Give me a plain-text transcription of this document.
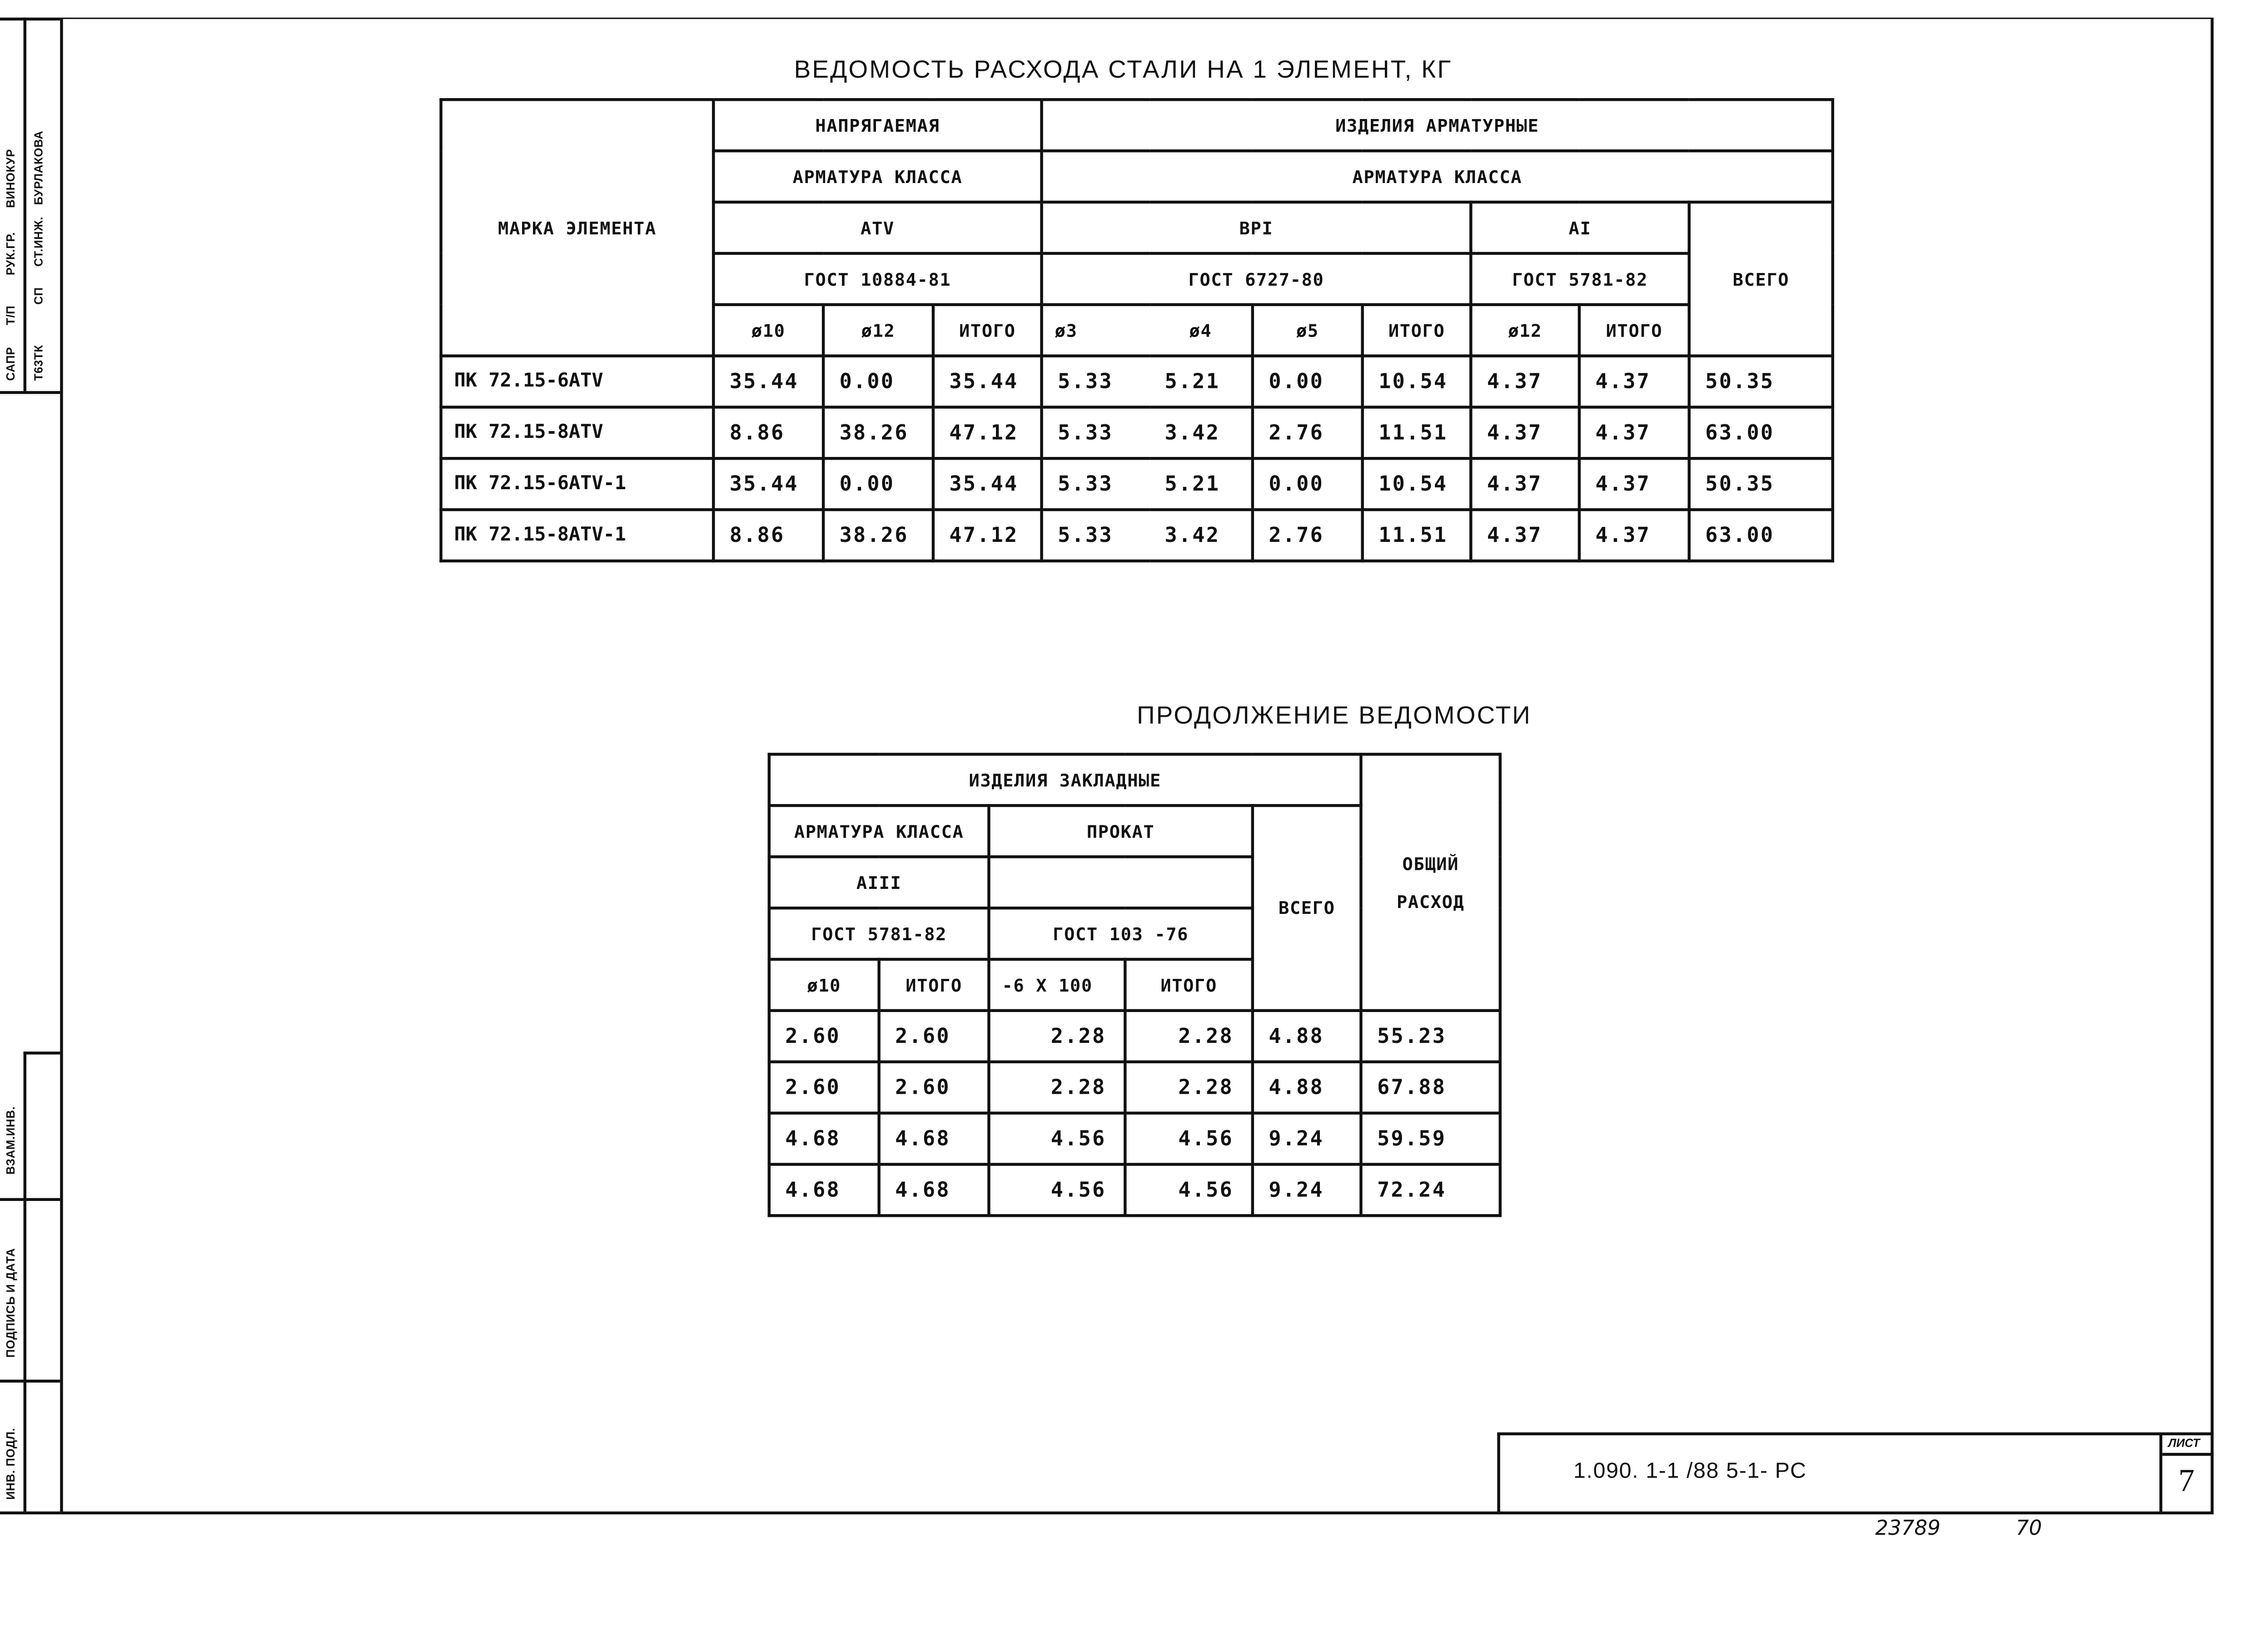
САПР
Т/П
РУК.ГР.
ВИНОКУР
Т63ТК
СП
СТ.ИНЖ.
БУРЛАКОВА
ВЗАМ.ИНВ.
ПОДПИСЬ И ДАТА
ИНВ. ПОДЛ.
ВЕДОМОСТЬ РАСХОДА СТАЛИ НА 1 ЭЛЕМЕНТ, КГ
МАРКА ЭЛЕМЕНТА	НАПРЯГАЕМАЯ			ИЗДЕЛИЯ АРМАТУРНЫЕ						
	АРМАТУРА КЛАССА			АРМАТУРА КЛАССА						
	АТV			ВРI				АI		ВСЕГО
	ГОСТ 10884-81			ГОСТ 6727-80				ГОСТ 5781-82		
	ø10	ø12	ИТОГО	ø3	ø4	ø5	ИТОГО	ø12	ИТОГО	
ПК 72.15-6АТV	35.44	0.00	35.44	5.33	5.21	0.00	10.54	4.37	4.37	50.35
ПК 72.15-8АТV	8.86	38.26	47.12	5.33	3.42	2.76	11.51	4.37	4.37	63.00
ПК 72.15-6АТV-1	35.44	0.00	35.44	5.33	5.21	0.00	10.54	4.37	4.37	50.35
ПК 72.15-8АТV-1	8.86	38.26	47.12	5.33	3.42	2.76	11.51	4.37	4.37	63.00
ПРОДОЛЖЕНИЕ ВЕДОМОСТИ
ИЗДЕЛИЯ ЗАКЛАДНЫЕ					ОБЩИЙ
РАСХОД
АРМАТУРА КЛАССА		ПРОКАТ		ВСЕГО	
АIII					
ГОСТ 5781-82		ГОСТ 103 -76			
ø10	ИТОГО	-6 Х 100	ИТОГО		
2.60	2.60	2.28	2.28	4.88	55.23
2.60	2.60	2.28	2.28	4.88	67.88
4.68	4.68	4.56	4.56	9.24	59.59
4.68	4.68	4.56	4.56	9.24	72.24
1.090. 1-1 /88 5-1- РС
ЛИСТ
7
23789	70
